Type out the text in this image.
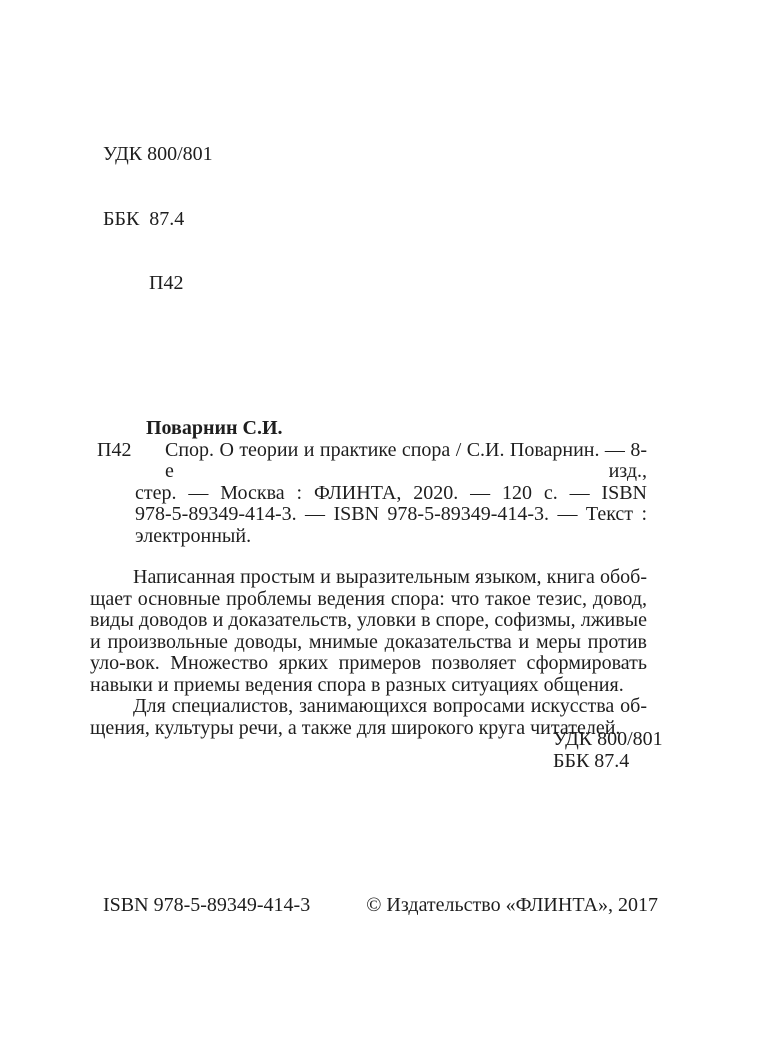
УДК 800/801

ББК  87.4

П42

Поварнин С.И.
П42	Спор. О теории и практике спора / С.И. Поварнин. — 8-е изд.,
стер. — Москва : ФЛИНТА, 2020. — 120 с. — ISBN
978-5-89349-414-3. — ISBN 978-5-89349-414-3. — Текст :
электронный.
Написанная простым и выразительным языком, книга обоб-
щает основные проблемы ведения спора: что такое тезис, довод,
виды доводов и доказательств, уловки в споре, софизмы, лживые
и произвольные доводы, мнимые доказательства и меры против
уло-вок. Множество ярких примеров позволяет сформировать
навыки и приемы ведения спора в разных ситуациях общения.
Для специалистов, занимающихся вопросами искусства об-
щения, культуры речи, а также для широкого круга читателей.
УДК 800/801
ББК 87.4
ISBN 978-5-89349-414-3	© Издательство «ФЛИНТА», 2017
